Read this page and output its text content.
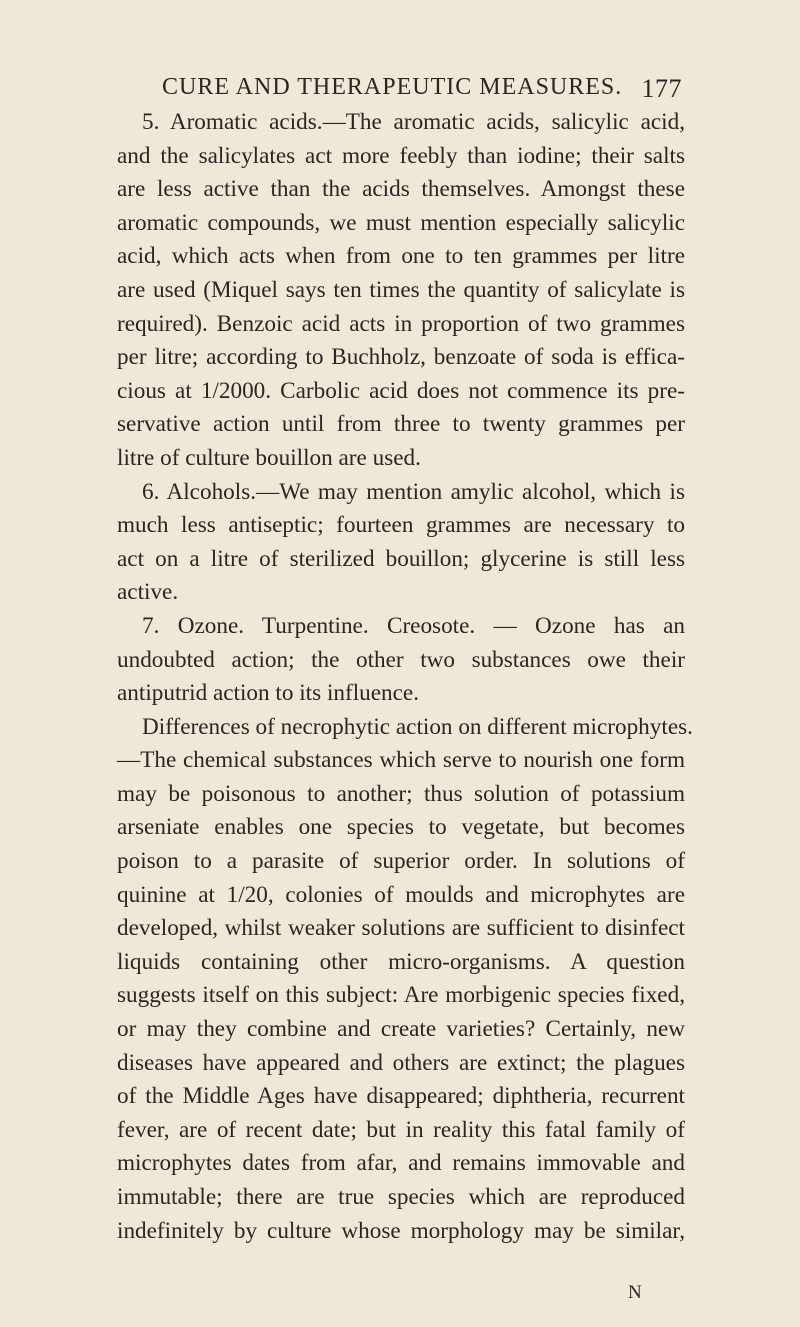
CURE AND THERAPEUTIC MEASURES. 177
5. Aromatic acids.—The aromatic acids, salicylic acid,
and the salicylates act more feebly than iodine; their salts
are less active than the acids themselves. Amongst these
aromatic compounds, we must mention especially salicylic
acid, which acts when from one to ten grammes per litre
are used (Miquel says ten times the quantity of salicylate is
required). Benzoic acid acts in proportion of two grammes
per litre; according to Buchholz, benzoate of soda is effica-
cious at 1/2000. Carbolic acid does not commence its pre-
servative action until from three to twenty grammes per
litre of culture bouillon are used.
6. Alcohols.—We may mention amylic alcohol, which is
much less antiseptic; fourteen grammes are necessary to
act on a litre of sterilized bouillon; glycerine is still less
active.
7. Ozone. Turpentine. Creosote. — Ozone has an
undoubted action; the other two substances owe their
antiputrid action to its influence.
Differences of necrophytic action on different microphytes.
—The chemical substances which serve to nourish one form
may be poisonous to another; thus solution of potassium
arseniate enables one species to vegetate, but becomes
poison to a parasite of superior order. In solutions of
quinine at 1/20, colonies of moulds and microphytes are
developed, whilst weaker solutions are sufficient to disinfect
liquids containing other micro-organisms. A question
suggests itself on this subject: Are morbigenic species fixed,
or may they combine and create varieties? Certainly, new
diseases have appeared and others are extinct; the plagues
of the Middle Ages have disappeared; diphtheria, recurrent
fever, are of recent date; but in reality this fatal family of
microphytes dates from afar, and remains immovable and
immutable; there are true species which are reproduced
indefinitely by culture whose morphology may be similar,
N
